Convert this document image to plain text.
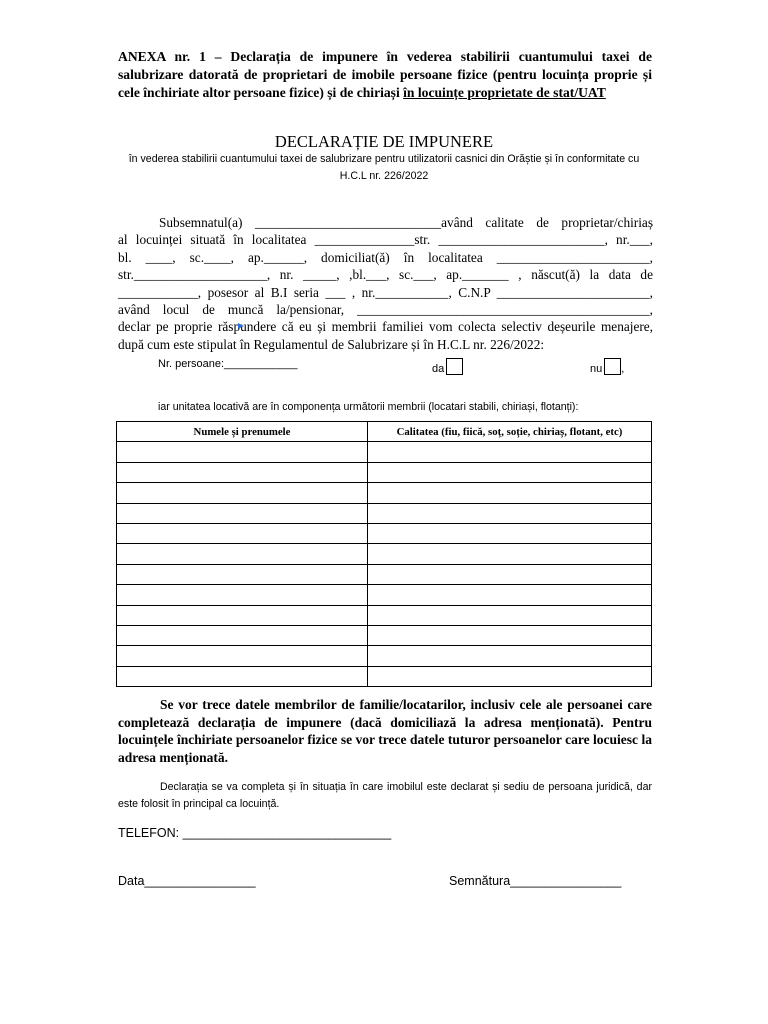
ANEXA nr. 1 – Declarația de impunere în vederea stabilirii cuantumului taxei de salubrizare datorată de proprietari de imobile persoane fizice (pentru locuința proprie și cele închiriate altor persoane fizice) și de chiriași în locuințe proprietate de stat/UAT

DECLARAȚIE DE IMPUNERE

în vederea stabilirii cuantumului taxei de salubrizare pentru utilizatorii casnici din Orăștie și în conformitate cu H.C.L nr. 226/2022

Subsemnatul(a) ____________________________având calitate de proprietar/chiriaș
al locuinței situată în localitatea _______________str. _________________________, nr.___,
bl. ____, sc.____, ap.______, domiciliat(ă) în localitatea _______________________,
str.____________________, nr. _____, ,bl.___, sc.___, ap._______ , născut(ă) la data de
____________, posesor al B.I seria ___ , nr.___________, C.N.P _______________________,
având locul de muncă la/pensionar, ____________________________________________,
declar pe proprie răspundere că eu și membrii familiei vom colecta selectiv deșeurile menajere,
după cum este stipulat în Regulamentul de Salubrizare și în H.C.L nr. 226/2022:
Nr. persoane:____________	da	nu ,

iar unitatea locativă are în componența următorii membrii (locatari stabili, chiriași, flotanți):

Numele și prenumele	Calitatea (fiu, fiică, soț, soție, chiriaș, flotant, etc)

Se vor trece datele membrilor de familie/locatarilor, inclusiv cele ale persoanei care completează declarația de impunere (dacă domiciliază la adresa menționată). Pentru locuințele închiriate persoanelor fizice se vor trece datele tuturor persoanelor care locuiesc la adresa menționată.

Declarația se va completa și în situația în care imobilul este declarat și sediu de persoana juridică, dar este folosit în principal ca locuință.

TELEFON: ______________________________
Data________________	Semnătura________________
